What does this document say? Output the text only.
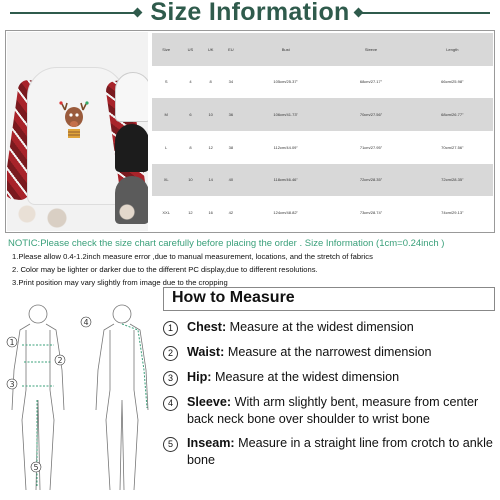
Size Information
Size	US	UK	EU	Bust	Sleeve	Length
S	4	8	34	105cm/25.37"	68cm/27.17"	66cm/25.98"
M	6	10	36	106cm/41.73"	70cm/27.56"	68cm/26.77"
L	8	12	38	112cm/44.09"	71cm/27.95"	70cm/27.56"
XL	10	14	40	118cm/46.46"	72cm/28.35"	72cm/28.35"
XXL	12	16	42	124cm/48.82"	73cm/28.74"	74cm/29.13"
NOTIC:Please check the size chart carefully before placing the order . Size Information (1cm=0.24inch )
1.Please allow 0.4-1.2inch measure error ,due to manual measurement, locations, and the stretch of fabrics
2. Color may be lighter or darker due to the different PC display,due to different resolutions.
3.Print position may vary slightly from image due to the cropping
How to Measure
1
2
3
4
5
1	Chest: Measure at the widest dimension
2	Waist: Measure at the narrowest dimension
3	Hip: Measure at the widest dimension
4	Sleeve: With arm slightly bent, measure from center back neck bone over shoulder to wrist bone
5	Inseam: Measure in a straight line from crotch to ankle bone
